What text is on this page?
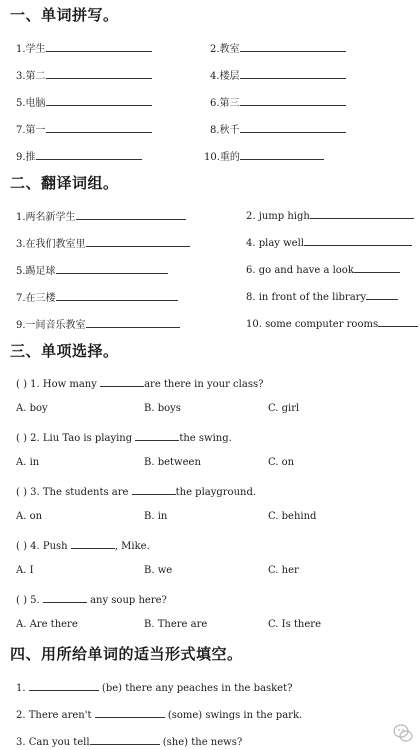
一、单词拼写。
1.学生	2.教室
3.第二	4.楼层
5.电脑	6.第三
7.第一	8.秋千
9.推	10.重的
二、翻译词组。
1.两名新学生	2. jump high
3.在我们教室里	4. play well
5.踢足球	6. go and have a look
7.在三楼	8. in front of the library
9.一间音乐教室	10. some computer rooms
三、单项选择。
( ) 1. How many	are there in your class?
A. boy	B. boys	C. girl
( ) 2. Liu Tao is playing	the swing.
A. in	B. between	C. on
( ) 3. The students are	the playground.
A. on	B. in	C. behind
( ) 4. Push	, Mike.
A. I	B. we	C. her
( ) 5.	any soup here?
A. Are there	B. There are	C. Is there
四、用所给单词的适当形式填空。
1.	(be) there any peaches in the basket?
2. There aren't	(some) swings in the park.
3. Can you tell	(she) the news?
